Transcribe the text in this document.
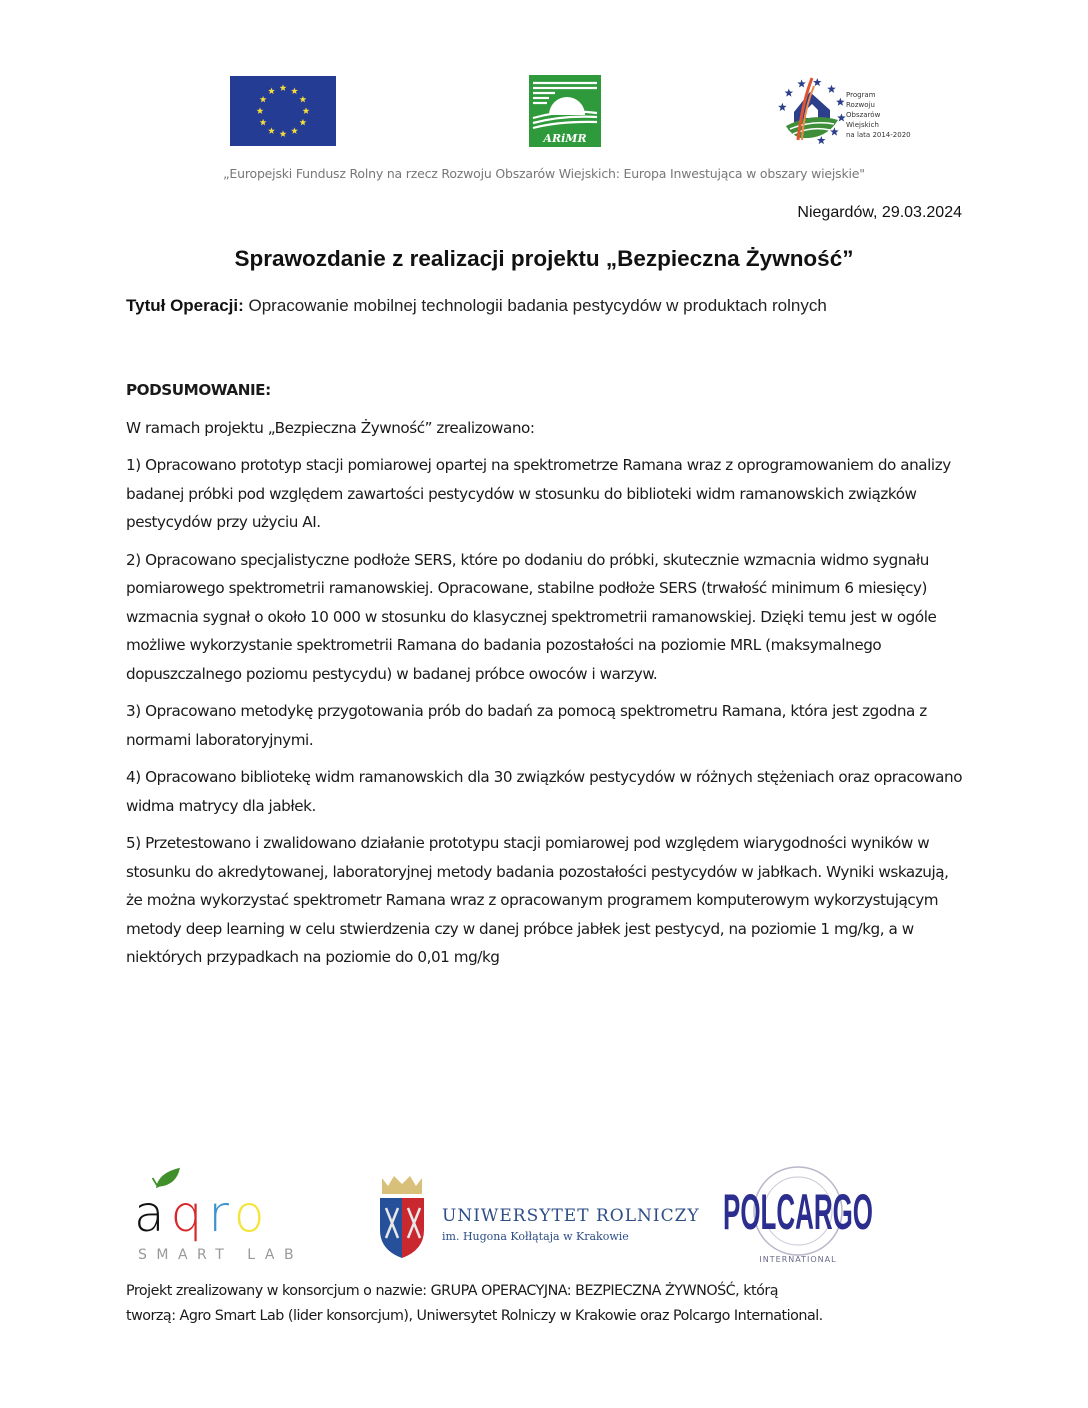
ARiMR
Program
Rozwoju
Obszarów
Wiejskich
na lata 2014-2020
„Europejski Fundusz Rolny na rzecz Rozwoju Obszarów Wiejskich: Europa Inwestująca w obszary wiejskie"
Niegardów, 29.03.2024
Sprawozdanie z realizacji projektu „Bezpieczna Żywność”
Tytuł Operacji: Opracowanie mobilnej technologii badania pestycydów w produktach rolnych

PODSUMOWANIE:

W ramach projektu „Bezpieczna Żywność” zrealizowano:

1) Opracowano prototyp stacji pomiarowej opartej na spektrometrze Ramana wraz z oprogramowaniem do analizy badanej próbki pod względem zawartości pestycydów w stosunku do biblioteki widm ramanowskich związków pestycydów przy użyciu AI.

2) Opracowano specjalistyczne podłoże SERS, które po dodaniu do próbki, skutecznie wzmacnia widmo sygnału pomiarowego spektrometrii ramanowskiej. Opracowane, stabilne podłoże SERS (trwałość minimum 6 miesięcy) wzmacnia sygnał o około 10 000 w stosunku do klasycznej spektrometrii ramanowskiej. Dzięki temu jest w ogóle możliwe wykorzystanie spektrometrii Ramana do badania pozostałości na poziomie MRL (maksymalnego dopuszczalnego poziomu pestycydu) w badanej próbce owoców i warzyw.

3) Opracowano metodykę przygotowania prób do badań za pomocą spektrometru Ramana, która jest zgodna z normami laboratoryjnymi.

4) Opracowano bibliotekę widm ramanowskich dla 30 związków pestycydów w różnych stężeniach oraz opracowano widma matrycy dla jabłek.

5) Przetestowano i zwalidowano działanie prototypu stacji pomiarowej pod względem wiarygodności wyników w stosunku do akredytowanej, laboratoryjnej metody badania pozostałości pestycydów w jabłkach. Wyniki wskazują, że można wykorzystać spektrometr Ramana wraz z opracowanym programem komputerowym wykorzystującym metody deep learning w celu stwierdzenia czy w danej próbce jabłek jest pestycyd, na poziomie 1 mg/kg, a w niektórych przypadkach na poziomie do 0,01 mg/kg

aqro
SMART LAB
UNIWERSYTET ROLNICZY
im. Hugona Kołłątaja w Krakowie POLCARGO
INTERNATIONAL

Projekt zrealizowany w konsorcjum o nazwie: GRUPA OPERACYJNA: BEZPIECZNA ŻYWNOŚĆ, którą

tworzą: Agro Smart Lab (lider konsorcjum), Uniwersytet Rolniczy w Krakowie oraz Polcargo International.
